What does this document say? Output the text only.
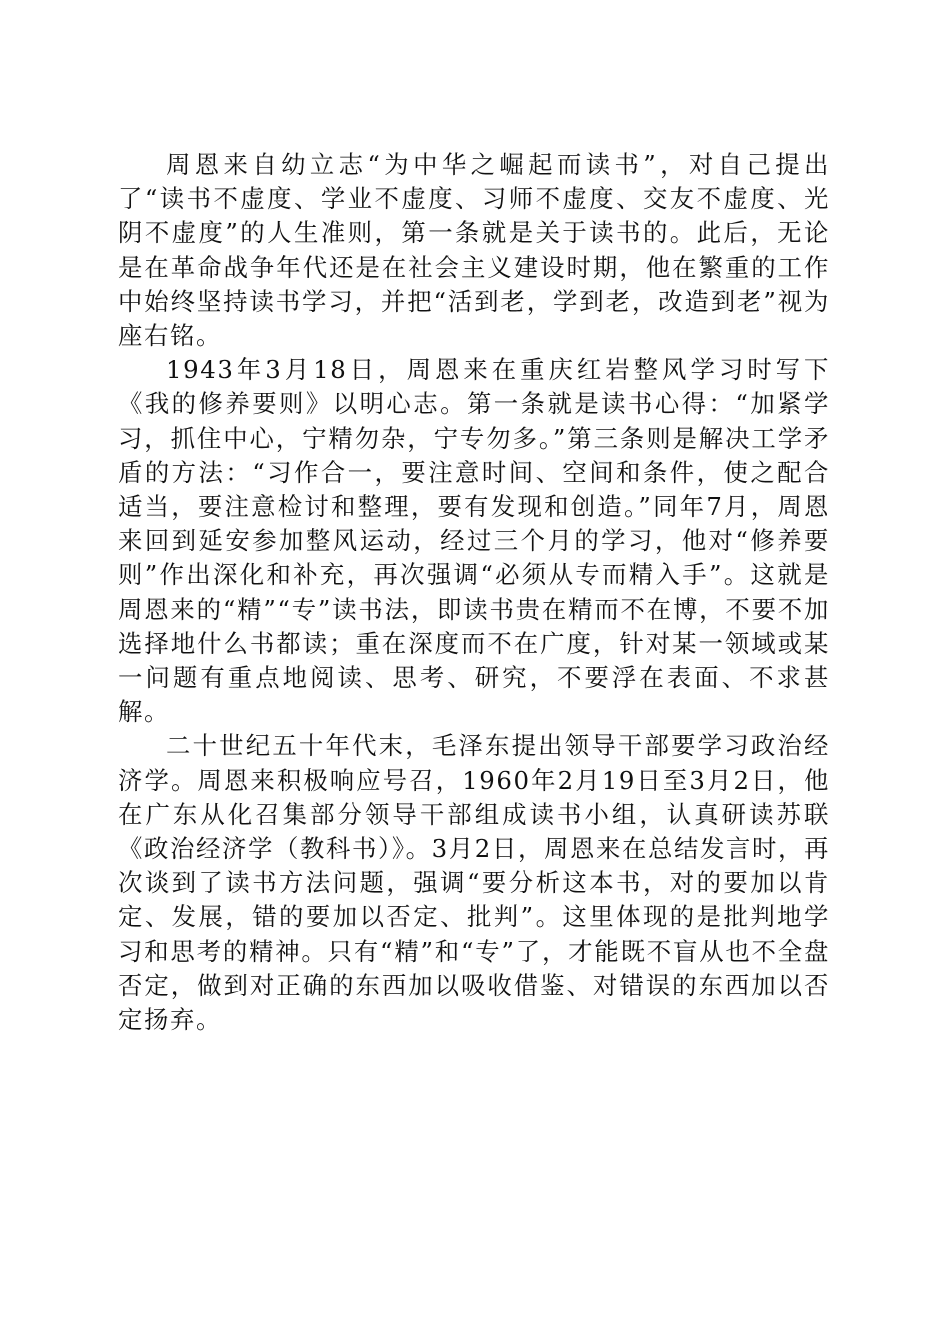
周恩来自幼立志“为中华之崛起而读书”，对自己提出了“读书不虚度、学业不虚度、习师不虚度、交友不虚度、光阴不虚度”的人生准则，第一条就是关于读书的。此后，无论是在革命战争年代还是在社会主义建设时期，他在繁重的工作中始终坚持读书学习，并把“活到老，学到老，改造到老”视为座右铭。

1943年3月18日，周恩来在重庆红岩整风学习时写下《我的修养要则》以明心志。第一条就是读书心得：“加紧学习，抓住中心，宁精勿杂，宁专勿多。”第三条则是解决工学矛盾的方法：“习作合一，要注意时间、空间和条件，使之配合适当，要注意检讨和整理，要有发现和创造。”同年7月，周恩来回到延安参加整风运动，经过三个月的学习，他对“修养要则”作出深化和补充，再次强调“必须从专而精入手”。这就是周恩来的“精”“专”读书法，即读书贵在精而不在博，不要不加选择地什么书都读；重在深度而不在广度，针对某一领域或某一问题有重点地阅读、思考、研究，不要浮在表面、不求甚解。

二十世纪五十年代末，毛泽东提出领导干部要学习政治经济学。周恩来积极响应号召，1960年2月19日至3月2日，他在广东从化召集部分领导干部组成读书小组，认真研读苏联《政治经济学（教科书）》。3月2日，周恩来在总结发言时，再次谈到了读书方法问题，强调“要分析这本书，对的要加以肯定、发展，错的要加以否定、批判”。这里体现的是批判地学习和思考的精神。只有“精”和“专”了，才能既不盲从也不全盘否定，做到对正确的东西加以吸收借鉴、对错误的东西加以否定扬弃。
